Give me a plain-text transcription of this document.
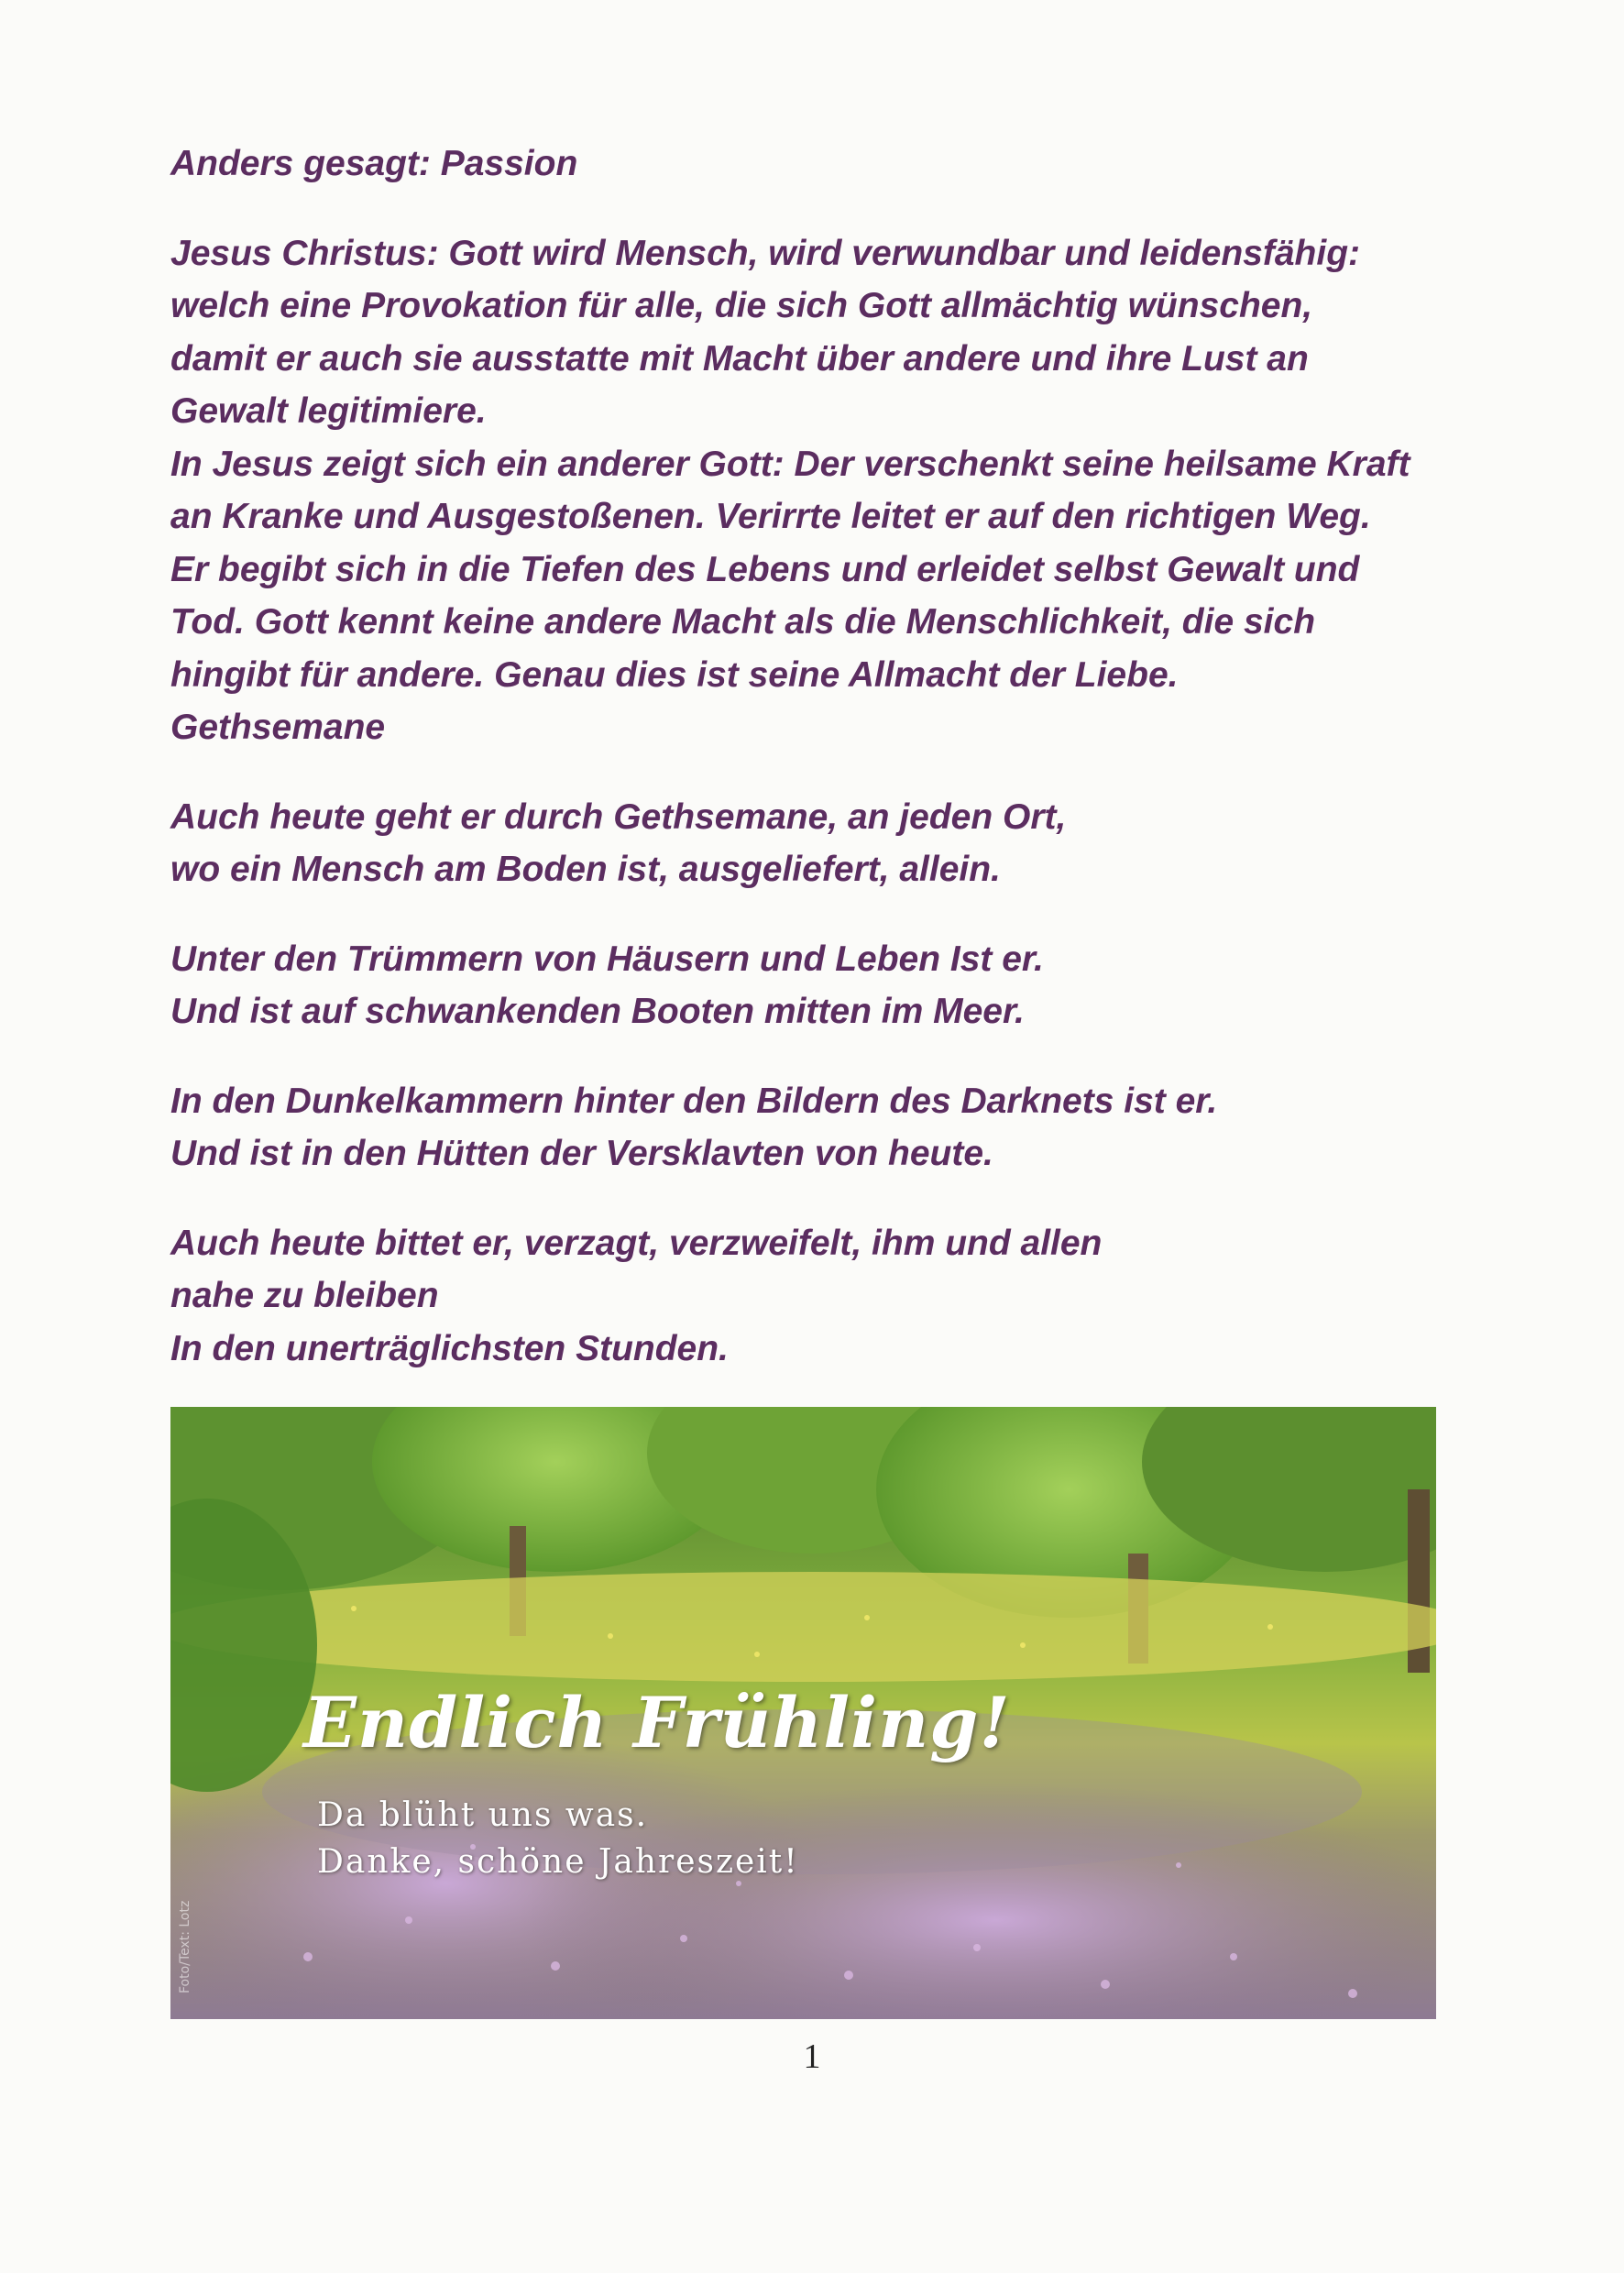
Anders gesagt: Passion

Jesus Christus: Gott wird Mensch, wird verwundbar und leidensfähig:
welch eine Provokation für alle, die sich Gott allmächtig wünschen,
damit er auch sie ausstatte mit Macht über andere und ihre Lust an
Gewalt legitimiere.
In Jesus zeigt sich ein anderer Gott: Der verschenkt seine heilsame Kraft
an Kranke und Ausgestoßenen. Verirrte leitet er auf den richtigen Weg.
Er begibt sich in die Tiefen des Lebens und erleidet selbst Gewalt und
Tod. Gott kennt keine andere Macht als die Menschlichkeit, die sich
hingibt für andere. Genau dies ist seine Allmacht der Liebe.
Gethsemane

Auch heute geht er durch Gethsemane, an jeden Ort,
wo ein Mensch am Boden ist, ausgeliefert, allein.

Unter den Trümmern von Häusern und Leben Ist er.
Und ist auf schwankenden Booten mitten im Meer.

In den Dunkelkammern hinter den Bildern des Darknets ist er.
Und ist in den Hütten der Versklavten von heute.

Auch heute bittet er, verzagt, verzweifelt, ihm und allen
nahe zu bleiben
In den unerträglichsten Stunden.

Endlich Frühling!
Da blüht uns was.
Danke, schöne Jahreszeit!
Foto/Text: Lotz
1
